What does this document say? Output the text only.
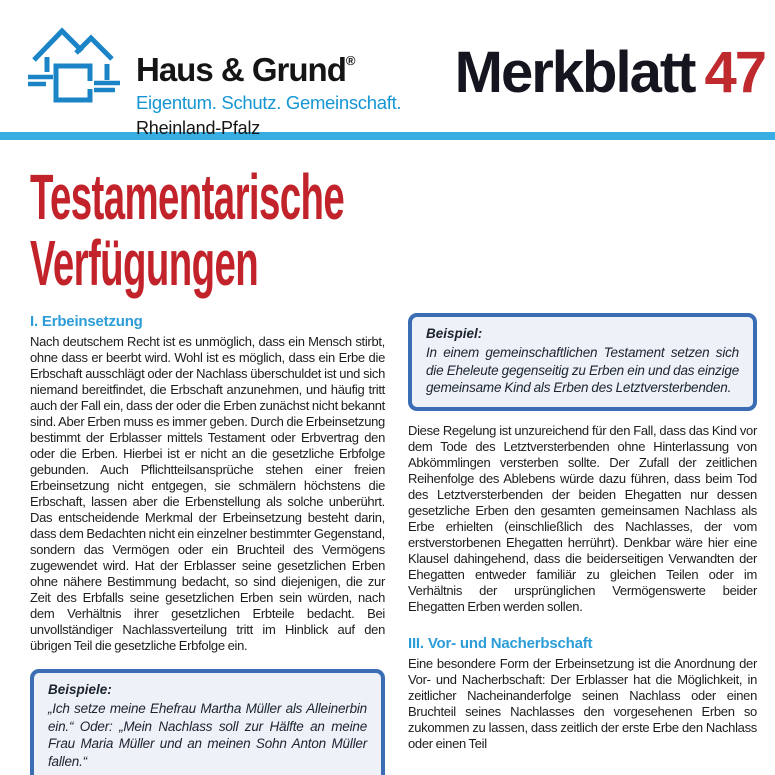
Haus & Grund®
Eigentum. Schutz. Gemeinschaft.
Rheinland-Pfalz
Merkblatt 47
Testamentarische Verfügungen
I. Erbeinsetzung

Nach deutschem Recht ist es unmöglich, dass ein Mensch stirbt, ohne dass er beerbt wird. Wohl ist es möglich, dass ein Erbe die Erbschaft ausschlägt oder der Nachlass überschuldet ist und sich niemand bereitfindet, die Erbschaft anzunehmen, und häufig tritt auch der Fall ein, dass der oder die Erben zunächst nicht bekannt sind. Aber Erben muss es immer geben. Durch die Erbeinsetzung bestimmt der Erblasser mittels Testament oder Erbvertrag den oder die Erben. Hierbei ist er nicht an die gesetzliche Erbfolge gebunden. Auch Pflichtteilsansprüche stehen einer freien Erbeinsetzung nicht entgegen, sie schmälern höchstens die Erbschaft, lassen aber die Erbenstellung als solche unberührt. Das entscheidende Merkmal der Erbeinsetzung besteht darin, dass dem Bedachten nicht ein einzelner bestimmter Gegenstand, sondern das Vermögen oder ein Bruchteil des Vermögens zugewendet wird. Hat der Erblasser seine gesetzlichen Erben ohne nähere Bestimmung bedacht, so sind diejenigen, die zur Zeit des Erbfalls seine gesetzlichen Erben sein würden, nach dem Verhältnis ihrer gesetzlichen Erbteile bedacht. Bei unvollständiger Nachlassverteilung tritt im Hinblick auf den übrigen Teil die gesetzliche Erbfolge ein.

Beispiele:

„Ich setze meine Ehefrau Martha Müller als Alleinerbin ein.“ Oder: „Mein Nachlass soll zur Hälfte an meine Frau Maria Müller und an meinen Sohn Anton Müller fallen.“

Beispiel:

In einem gemeinschaftlichen Testament setzen sich die Eheleute gegenseitig zu Erben ein und das einzige gemeinsame Kind als Erben des Letztversterbenden.

Diese Regelung ist unzureichend für den Fall, dass das Kind vor dem Tode des Letztversterbenden ohne Hinterlassung von Abkömmlingen versterben sollte. Der Zufall der zeitlichen Reihenfolge des Ablebens würde dazu führen, dass beim Tod des Letztversterbenden der beiden Ehegatten nur dessen gesetzliche Erben den gesamten gemeinsamen Nachlass als Erbe erhielten (einschließlich des Nachlasses, der vom erstverstorbenen Ehegatten herrührt). Denkbar wäre hier eine Klausel dahingehend, dass die beiderseitigen Verwandten der Ehegatten entweder familiär zu gleichen Teilen oder im Verhältnis der ursprünglichen Vermögenswerte beider Ehegatten Erben werden sollen.

III. Vor- und Nacherbschaft

Eine besondere Form der Erbeinsetzung ist die Anordnung der Vor- und Nacherbschaft: Der Erblasser hat die Möglichkeit, in zeitlicher Nacheinanderfolge seinen Nachlass oder einen Bruchteil seines Nachlasses den vorgesehenen Erben so zukommen zu lassen, dass zeitlich der erste Erbe den Nachlass oder einen Teil
